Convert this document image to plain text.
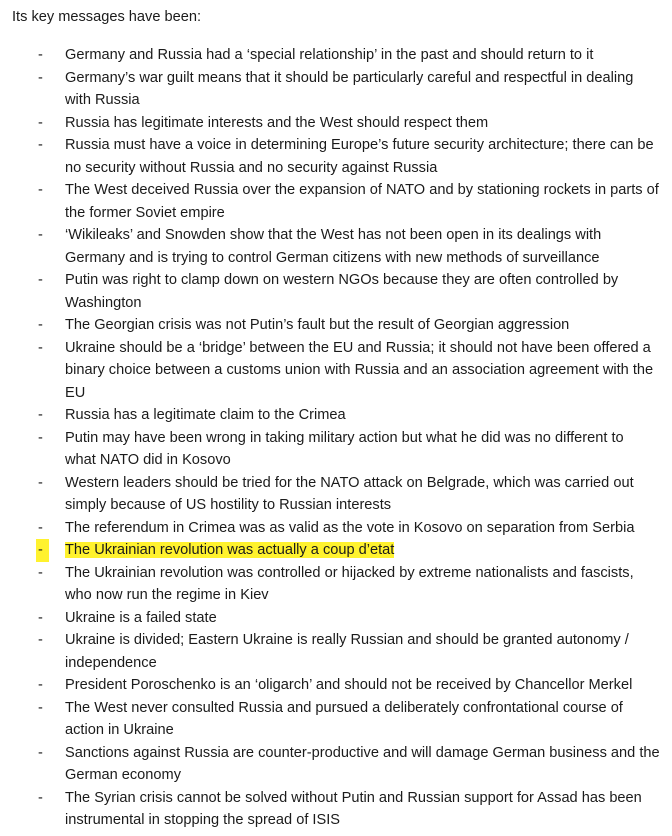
Its key messages have been:
-	Germany and Russia had a ‘special relationship’ in the past and should return to it
-	Germany’s war guilt means that it should be particularly careful and respectful in dealing
with Russia
-	Russia has legitimate interests and the West should respect them
-	Russia must have a voice in determining Europe’s future security architecture; there can be
no security without Russia and no security against Russia
-	The West deceived Russia over the expansion of NATO and by stationing rockets in parts of
the former Soviet empire
-	‘Wikileaks’ and Snowden show that the West has not been open in its dealings with
Germany and is trying to control German citizens with new methods of surveillance
-	Putin was right to clamp down on western NGOs because they are often controlled by
Washington
-	The Georgian crisis was not Putin’s fault but the result of Georgian aggression
-	Ukraine should be a ‘bridge’ between the EU and Russia; it should not have been offered a
binary choice between a customs union with Russia and an association agreement with the
EU
-	Russia has a legitimate claim to the Crimea
-	Putin may have been wrong in taking military action but what he did was no different to
what NATO did in Kosovo
-	Western leaders should be tried for the NATO attack on Belgrade, which was carried out
simply because of US hostility to Russian interests
-	The referendum in Crimea was as valid as the vote in Kosovo on separation from Serbia
-	The Ukrainian revolution was actually a coup d’etat
-	The Ukrainian revolution was controlled or hijacked by extreme nationalists and fascists,
who now run the regime in Kiev
-	Ukraine is a failed state
-	Ukraine is divided; Eastern Ukraine is really Russian and should be granted autonomy /
independence
-	President Poroschenko is an ‘oligarch’ and should not be received by Chancellor Merkel
-	The West never consulted Russia and pursued a deliberately confrontational course of
action in Ukraine
-	Sanctions against Russia are counter-productive and will damage German business and the
German economy
-	The Syrian crisis cannot be solved without Putin and Russian support for Assad has been
instrumental in stopping the spread of ISIS
